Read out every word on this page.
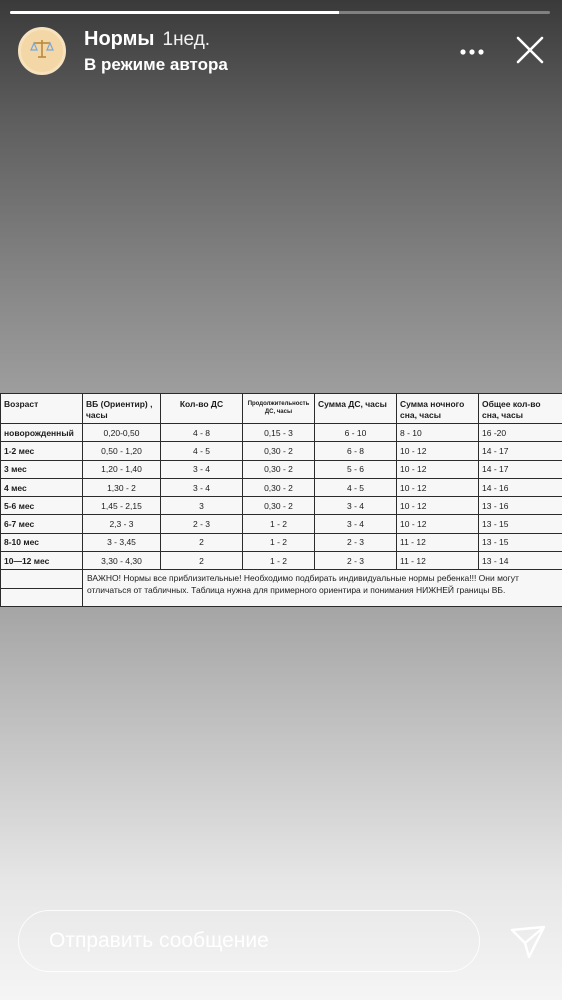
Нормы 1нед.
В режиме автора
Возраст	ВБ (Ориентир) , часы	Кол-во ДС	Продолжительность ДС, часы	Сумма ДС, часы	Сумма ночного сна, часы	Общее кол-во сна, часы
новорожденный	0,20-0,50	4 - 8	0,15 - 3	6 - 10	8 - 10	16 -20
1-2 мес	0,50 - 1,20	4 - 5	0,30 - 2	6 - 8	10 - 12	14 - 17
3 мес	1,20 - 1,40	3 - 4	0,30 - 2	5 - 6	10 - 12	14 - 17
4 мес	1,30 - 2	3 - 4	0,30 - 2	4 - 5	10 - 12	14 - 16
5-6 мес	1,45 - 2,15	3	0,30 - 2	3 - 4	10 - 12	13 - 16
6-7 мес	2,3 - 3	2 - 3	1 - 2	3 - 4	10 - 12	13 - 15
8-10 мес	3 - 3,45	2	1 - 2	2 - 3	11 - 12	13 - 15
10—12 мес	3,30 - 4,30	2	1 - 2	2 - 3	11 - 12	13 - 14
	ВАЖНО! Нормы все приблизительные! Необходимо подбирать индивидуальные нормы ребенка!!! Они могут отличаться от табличных. Таблица нужна для примерного ориентира и понимания НИЖНЕЙ границы ВБ.					

Отправить сообщение
